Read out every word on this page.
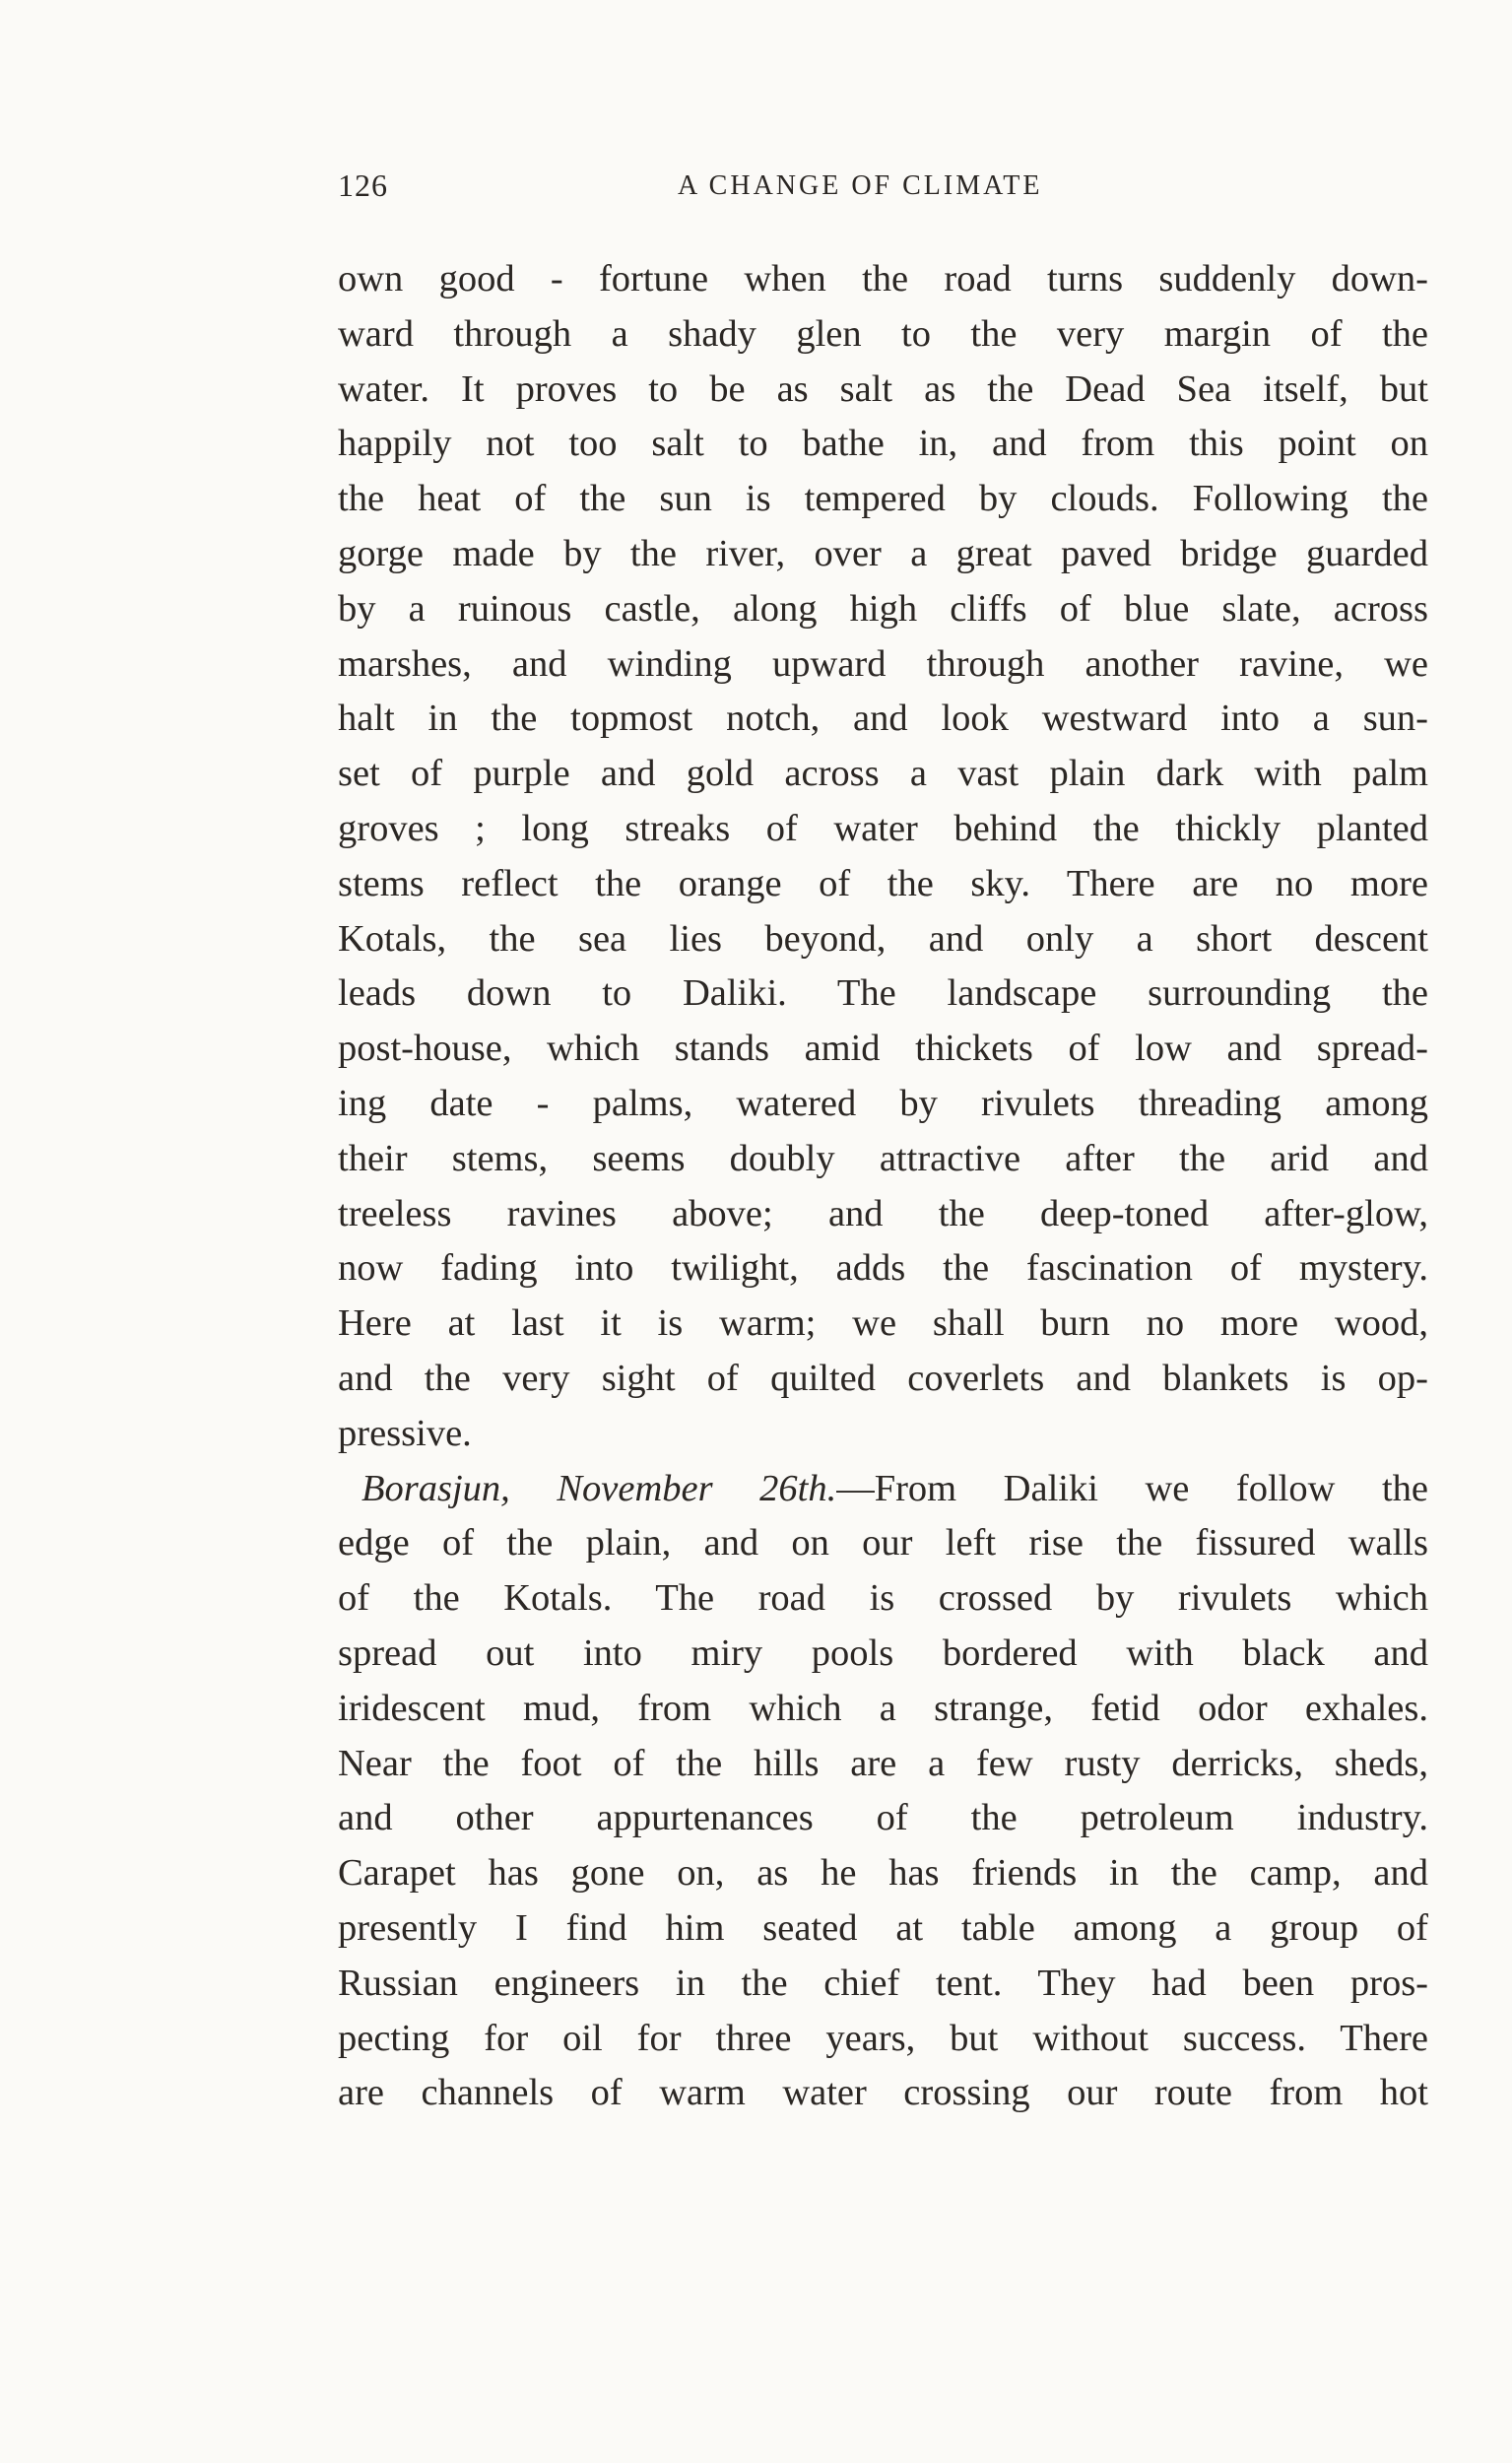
126	A CHANGE OF CLIMATE
own good - fortune when the road turns suddenly down-
ward through a shady glen to the very margin of the
water. It proves to be as salt as the Dead Sea itself, but
happily not too salt to bathe in, and from this point on
the heat of the sun is tempered by clouds. Following the
gorge made by the river, over a great paved bridge guarded
by a ruinous castle, along high cliffs of blue slate, across
marshes, and winding upward through another ravine, we
halt in the topmost notch, and look westward into a sun-
set of purple and gold across a vast plain dark with palm
groves ; long streaks of water behind the thickly planted
stems reflect the orange of the sky. There are no more
Kotals, the sea lies beyond, and only a short descent
leads down to Daliki. The landscape surrounding the
post-house, which stands amid thickets of low and spread-
ing date - palms, watered by rivulets threading among
their stems, seems doubly attractive after the arid and
treeless ravines above; and the deep-toned after-glow,
now fading into twilight, adds the fascination of mystery.
Here at last it is warm; we shall burn no more wood,
and the very sight of quilted coverlets and blankets is op-
pressive.
Borasjun, November 26th.—From Daliki we follow the
edge of the plain, and on our left rise the fissured walls
of the Kotals. The road is crossed by rivulets which
spread out into miry pools bordered with black and
iridescent mud, from which a strange, fetid odor exhales.
Near the foot of the hills are a few rusty derricks, sheds,
and other appurtenances of the petroleum industry.
Carapet has gone on, as he has friends in the camp, and
presently I find him seated at table among a group of
Russian engineers in the chief tent. They had been pros-
pecting for oil for three years, but without success. There
are channels of warm water crossing our route from hot
